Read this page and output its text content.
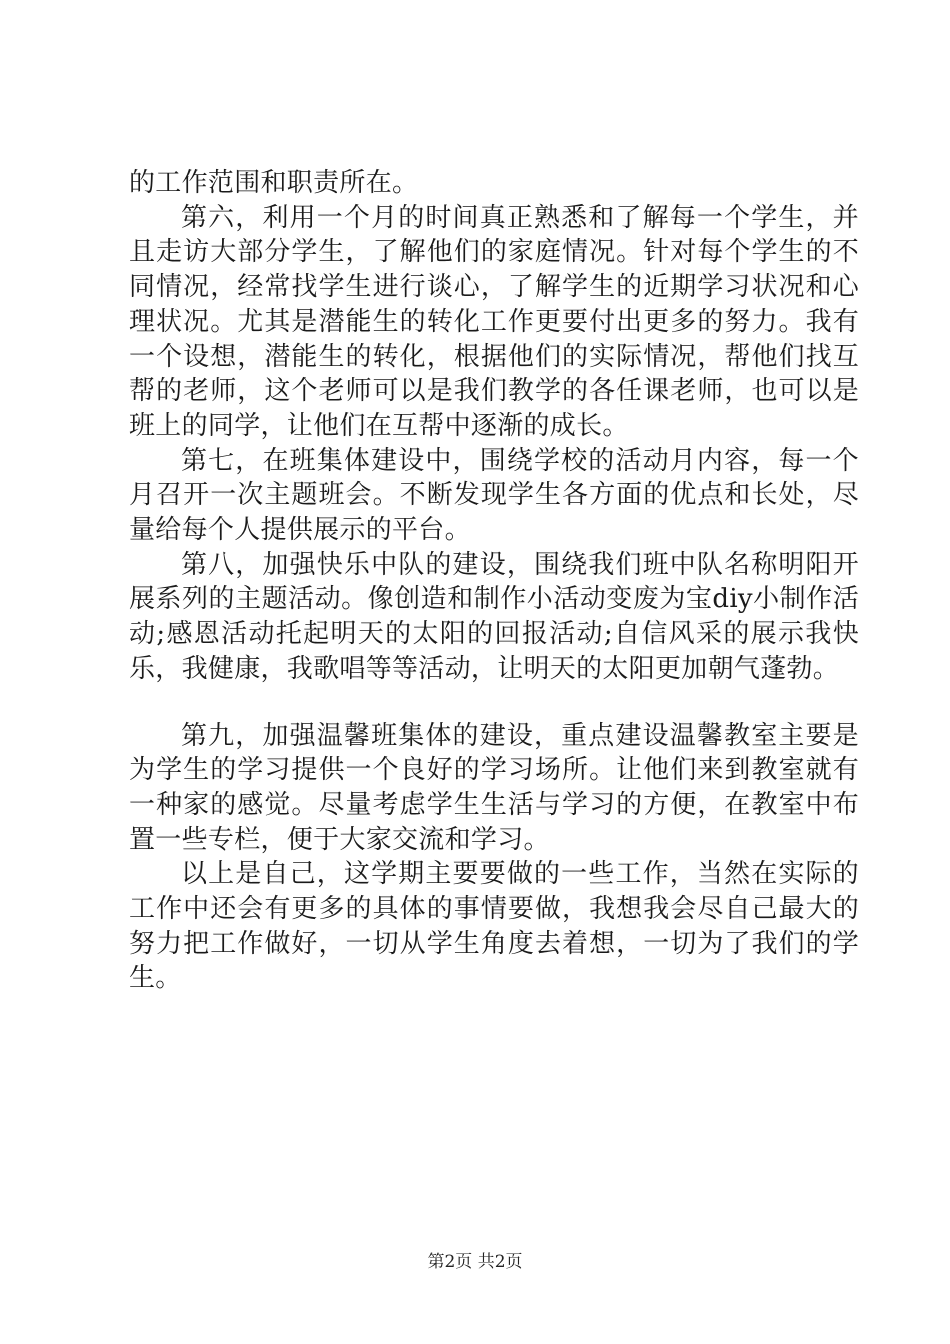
的工作范围和职责所在。

第六，利用一个月的时间真正熟悉和了解每一个学生，并且走访大部分学生，了解他们的家庭情况。针对每个学生的不同情况，经常找学生进行谈心，了解学生的近期学习状况和心理状况。尤其是潜能生的转化工作更要付出更多的努力。我有一个设想，潜能生的转化，根据他们的实际情况，帮他们找互帮的老师，这个老师可以是我们教学的各任课老师，也可以是班上的同学，让他们在互帮中逐渐的成长。

第七，在班集体建设中，围绕学校的活动月内容，每一个月召开一次主题班会。不断发现学生各方面的优点和长处，尽量给每个人提供展示的平台。

第八，加强快乐中队的建设，围绕我们班中队名称明阳开展系列的主题活动。像创造和制作小活动变废为宝diy小制作活动;感恩活动托起明天的太阳的回报活动;自信风采的展示我快乐，我健康，我歌唱等等活动，让明天的太阳更加朝气蓬勃。

第九，加强温馨班集体的建设，重点建设温馨教室主要是为学生的学习提供一个良好的学习场所。让他们来到教室就有一种家的感觉。尽量考虑学生生活与学习的方便，在教室中布置一些专栏，便于大家交流和学习。

以上是自己，这学期主要要做的一些工作，当然在实际的工作中还会有更多的具体的事情要做，我想我会尽自己最大的努力把工作做好，一切从学生角度去着想，一切为了我们的学生。

第2页 共2页
